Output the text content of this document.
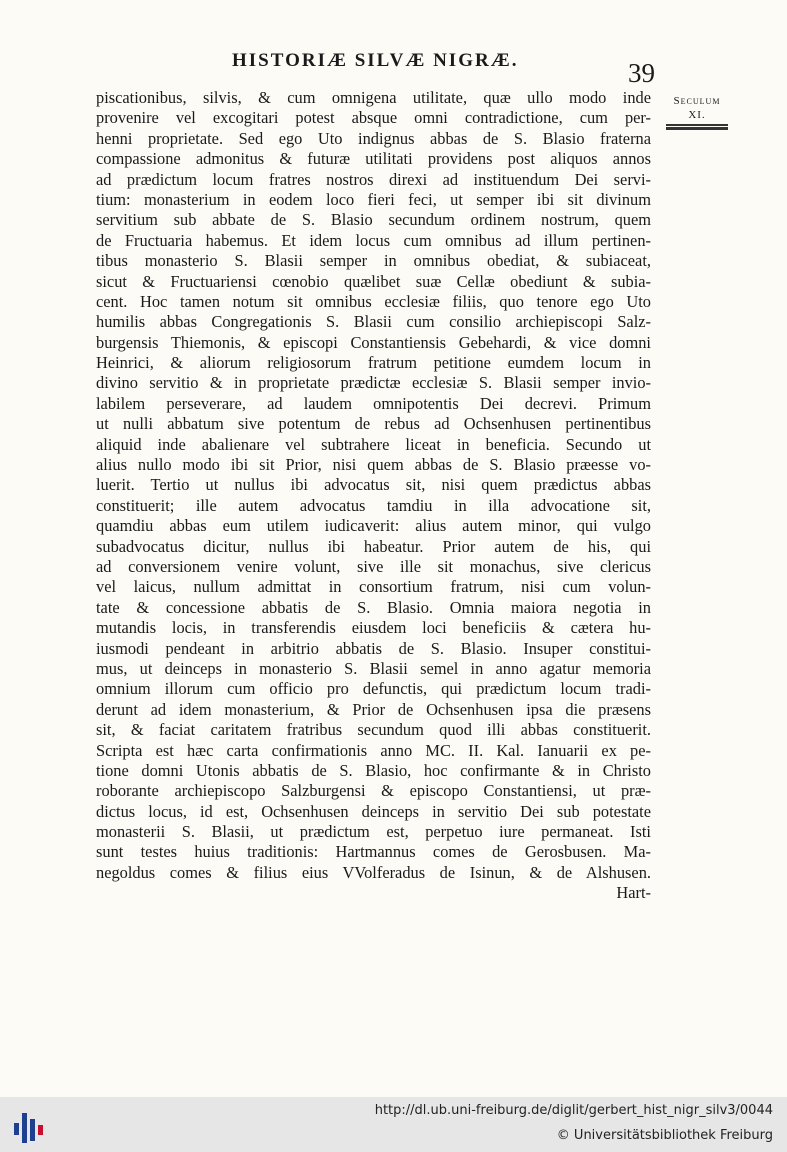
HISTORIÆ SILVÆ NIGRÆ.	39
Seculum
XI.
piscationibus, silvis, & cum omnigena utilitate, quæ ullo modo inde
provenire vel excogitari potest absque omni contradictione, cum per-
henni proprietate. Sed ego Uto indignus abbas de S. Blasio fraterna
compassione admonitus & futuræ utilitati providens post aliquos annos
ad prædictum locum fratres nostros direxi ad instituendum Dei servi-
tium: monasterium in eodem loco fieri feci, ut semper ibi sit divinum
servitium sub abbate de S. Blasio secundum ordinem nostrum, quem
de Fructuaria habemus. Et idem locus cum omnibus ad illum pertinen-
tibus monasterio S. Blasii semper in omnibus obediat, & subiaceat,
sicut & Fructuariensi cœnobio quælibet suæ Cellæ obediunt & subia-
cent. Hoc tamen notum sit omnibus ecclesiæ filiis, quo tenore ego Uto
humilis abbas Congregationis S. Blasii cum consilio archiepiscopi Salz-
burgensis Thiemonis, & episcopi Constantiensis Gebehardi, & vice domni
Heinrici, & aliorum religiosorum fratrum petitione eumdem locum in
divino servitio & in proprietate prædictæ ecclesiæ S. Blasii semper invio-
labilem perseverare, ad laudem omnipotentis Dei decrevi. Primum
ut nulli abbatum sive potentum de rebus ad Ochsenhusen pertinentibus
aliquid inde abalienare vel subtrahere liceat in beneficia. Secundo ut
alius nullo modo ibi sit Prior, nisi quem abbas de S. Blasio præesse vo-
luerit. Tertio ut nullus ibi advocatus sit, nisi quem prædictus abbas
constituerit; ille autem advocatus tamdiu in illa advocatione sit,
quamdiu abbas eum utilem iudicaverit: alius autem minor, qui vulgo
subadvocatus dicitur, nullus ibi habeatur. Prior autem de his, qui
ad conversionem venire volunt, sive ille sit monachus, sive clericus
vel laicus, nullum admittat in consortium fratrum, nisi cum volun-
tate & concessione abbatis de S. Blasio. Omnia maiora negotia in
mutandis locis, in transferendis eiusdem loci beneficiis & cætera hu-
iusmodi pendeant in arbitrio abbatis de S. Blasio. Insuper constitui-
mus, ut deinceps in monasterio S. Blasii semel in anno agatur memoria
omnium illorum cum officio pro defunctis, qui prædictum locum tradi-
derunt ad idem monasterium, & Prior de Ochsenhusen ipsa die præsens
sit, & faciat caritatem fratribus secundum quod illi abbas constituerit.
Scripta est hæc carta confirmationis anno MC. II. Kal. Ianuarii ex pe-
tione domni Utonis abbatis de S. Blasio, hoc confirmante & in Christo
roborante archiepiscopo Salzburgensi & episcopo Constantiensi, ut præ-
dictus locus, id est, Ochsenhusen deinceps in servitio Dei sub potestate
monasterii S. Blasii, ut prædictum est, perpetuo iure permaneat. Isti
sunt testes huius traditionis: Hartmannus comes de Gerosbusen. Ma-
negoldus comes & filius eius VVolferadus de Isinun, & de Alshusen.
Hart-
http://dl.ub.uni-freiburg.de/diglit/gerbert_hist_nigr_silv3/0044
© Universitätsbibliothek Freiburg
